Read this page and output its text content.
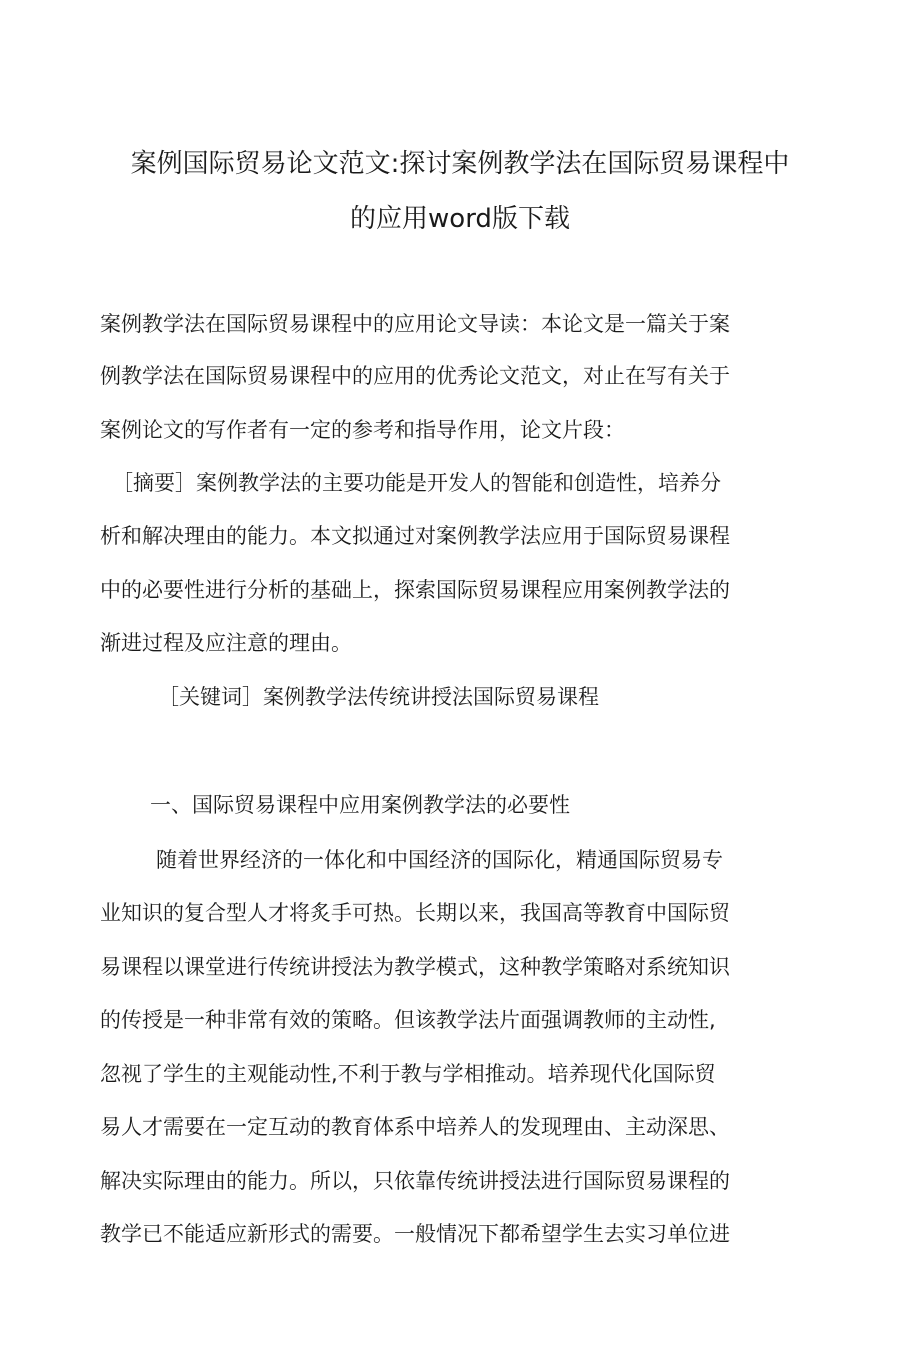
案例国际贸易论文范文:探讨案例教学法在国际贸易课程中
的应用word版下载
案例教学法在国际贸易课程中的应用论文导读：本论文是一篇关于案
例教学法在国际贸易课程中的应用的优秀论文范文，对止在写有关于
案例论文的写作者有一定的参考和指导作用，论文片段：
［摘要］案例教学法的主要功能是开发人的智能和创造性，培养分
析和解决理由的能力。本文拟通过对案例教学法应用于国际贸易课程
中的必要性进行分析的基础上，探索国际贸易课程应用案例教学法的
渐进过程及应注意的理由。
［关键词］案例教学法传统讲授法国际贸易课程
一、国际贸易课程中应用案例教学法的必要性
随着世界经济的一体化和中国经济的国际化，精通国际贸易专
业知识的复合型人才将炙手可热。长期以来，我国高等教育中国际贸
易课程以课堂进行传统讲授法为教学模式，这种教学策略对系统知识
的传授是一种非常有效的策略。但该教学法片面强调教师的主动性,
忽视了学生的主观能动性,不利于教与学相推动。培养现代化国际贸
易人才需要在一定互动的教育体系中培养人的发现理由、主动深思、
解决实际理由的能力。所以，只依靠传统讲授法进行国际贸易课程的
教学已不能适应新形式的需要。一般情况下都希望学生去实习单位进
